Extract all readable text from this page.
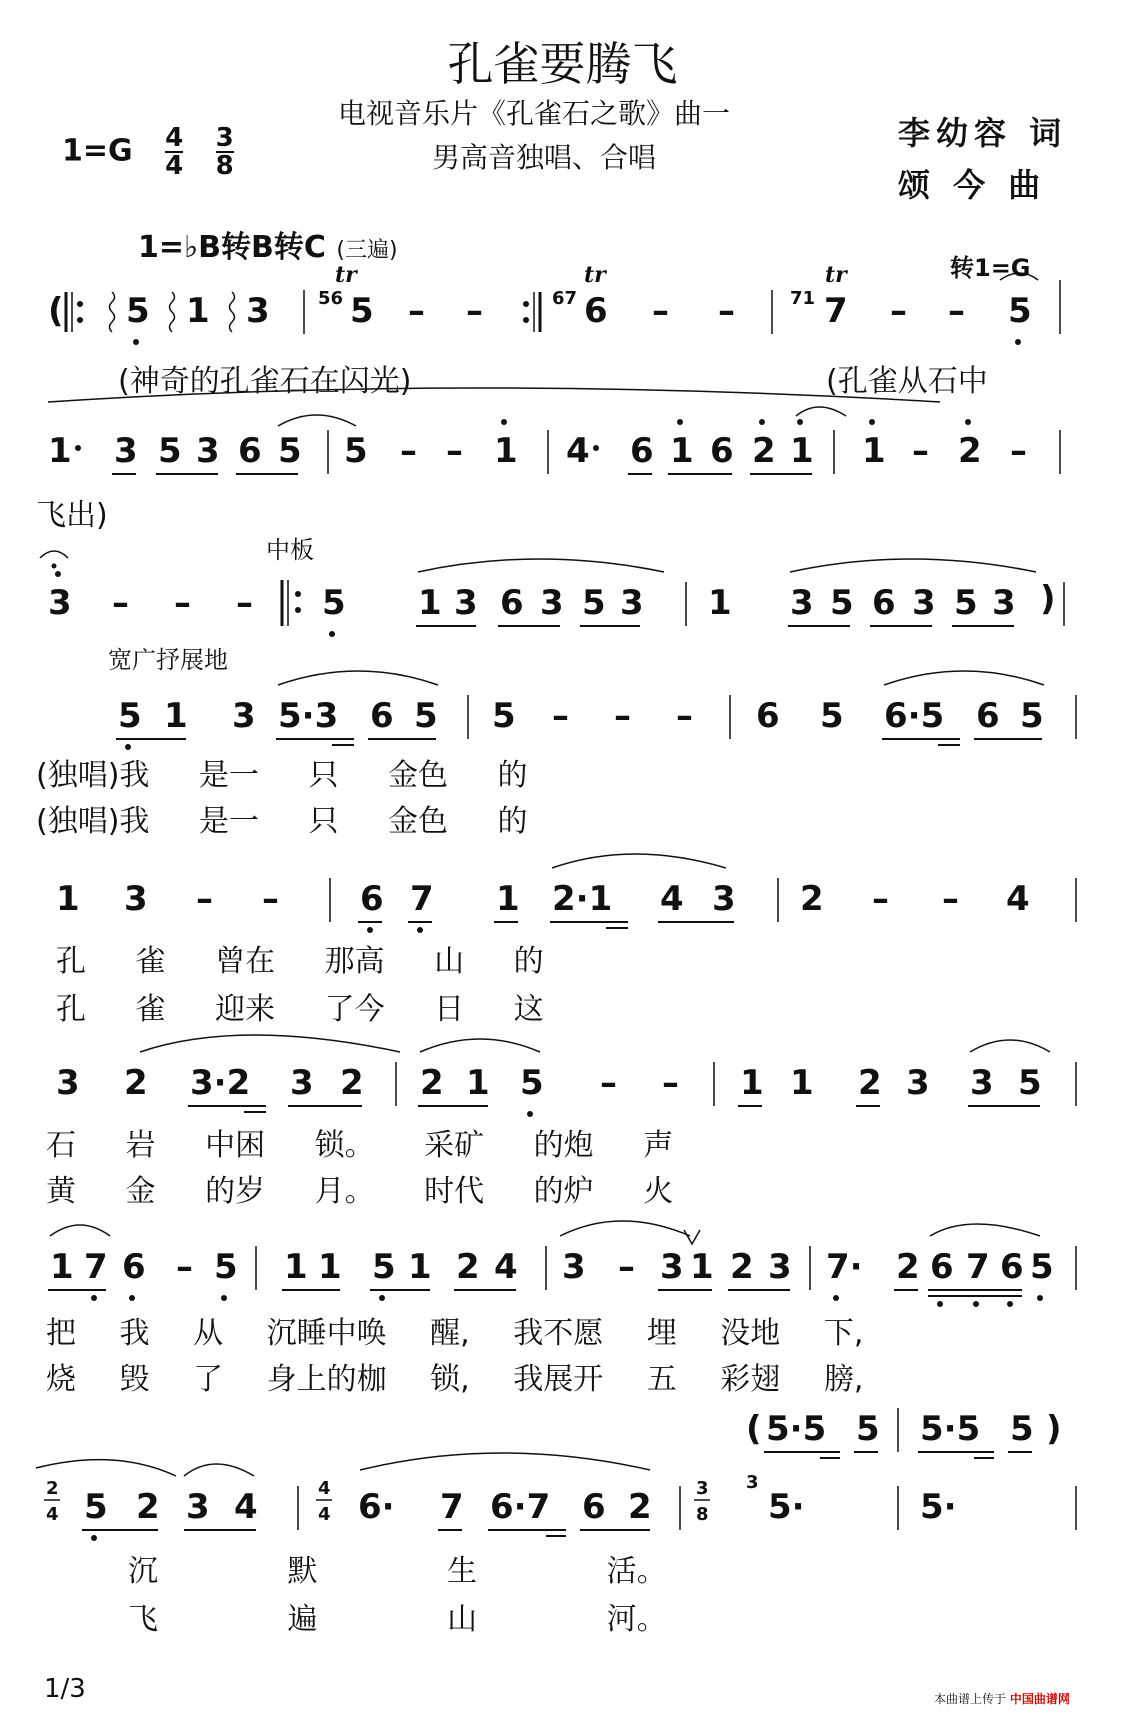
孔雀要腾飞
电视音乐片《孔雀石之歌》曲一
男高音独唱、合唱
$1=G \frac{4}{4} \frac{3}{8}$	李幼容 词
颂 今 曲
1=♭B转B转C (三遍)
转1=G
( 5 1 3	56
tr
5 – –	67
tr
6 – –	71
tr
7 – – 5
(神奇的孔雀石在闪光)	(孔雀从石中
1 3 5 3 6 5 5 – – 1 4 6 1 6 2 1 1 – 2 –
飞出)
中板
3 – – – 5 1 3 6 3 5 3 1 3 5 6 3 5 3 )
宽广抒展地
5 1 3 5·3 6 5 5 – – – 6 5 6·5 6 5
(独唱)我 是一 只 金色 的
(独唱)我 是一 只 金色 的
1 3 – – 6 7 1 2·1 4 3 2 – – 4
孔 雀 曾在 那高 山 的
孔 雀 迎来 了今 日 这
3 2 3·2 3 2 2 1 5 – – 1 1 2 3 3 5
石 岩 中困 锁。 采矿 的炮 声
黄 金 的岁 月。 时代 的炉 火
1 7 6 – 5 1 1 5 1 2 4 3 – 3 1 2 3 7· 2 6 7 6 5
把 我 从 沉睡中唤 醒, 我不愿 埋 没地 下,
烧 毁 了 身上的枷 锁, 我展开 五 彩翅 膀,
( 5·5 5 5·5 5 )
2
4 5 2 3 4	4
4 6· 7 6·7 6 2 3
8
3
5·	5·
沉 默 生 活。
飞 遍 山 河。
1/3	本曲谱上传于 中国曲谱网
